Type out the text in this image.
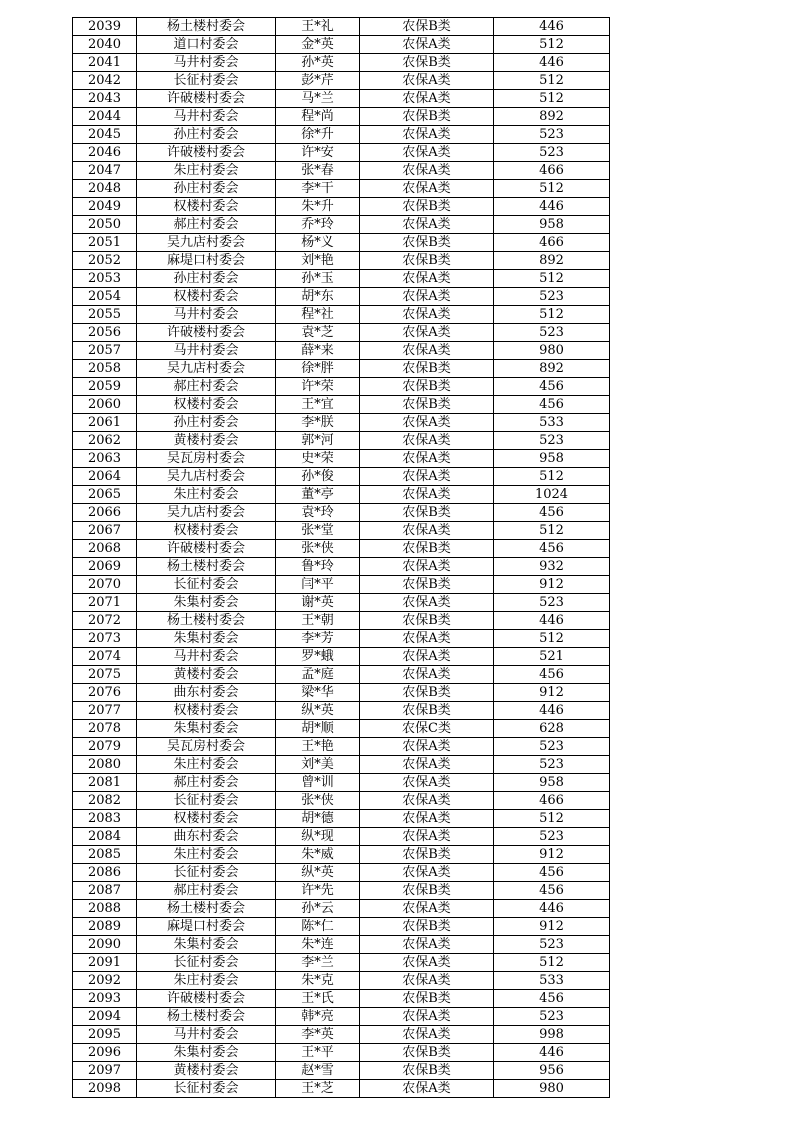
2039	杨土楼村委会	王*礼	农保B类	446
2040	道口村委会	金*英	农保A类	512
2041	马井村委会	孙*英	农保B类	446
2042	长征村委会	彭*芹	农保A类	512
2043	许破楼村委会	马*兰	农保A类	512
2044	马井村委会	程*尚	农保B类	892
2045	孙庄村委会	徐*升	农保A类	523
2046	许破楼村委会	许*安	农保A类	523
2047	朱庄村委会	张*春	农保A类	466
2048	孙庄村委会	李*干	农保A类	512
2049	权楼村委会	朱*升	农保B类	446
2050	郝庄村委会	乔*玲	农保A类	958
2051	吴九店村委会	杨*义	农保B类	466
2052	麻堤口村委会	刘*艳	农保B类	892
2053	孙庄村委会	孙*玉	农保A类	512
2054	权楼村委会	胡*东	农保A类	523
2055	马井村委会	程*社	农保A类	512
2056	许破楼村委会	袁*芝	农保A类	523
2057	马井村委会	薛*来	农保A类	980
2058	吴九店村委会	徐*胖	农保B类	892
2059	郝庄村委会	许*荣	农保B类	456
2060	权楼村委会	王*宜	农保B类	456
2061	孙庄村委会	李*朕	农保A类	533
2062	黄楼村委会	郭*河	农保A类	523
2063	吴瓦房村委会	史*荣	农保A类	958
2064	吴九店村委会	孙*俊	农保A类	512
2065	朱庄村委会	董*亭	农保A类	1024
2066	吴九店村委会	袁*玲	农保B类	456
2067	权楼村委会	张*堂	农保A类	512
2068	许破楼村委会	张*侠	农保B类	456
2069	杨土楼村委会	鲁*玲	农保A类	932
2070	长征村委会	闫*平	农保B类	912
2071	朱集村委会	谢*英	农保A类	523
2072	杨土楼村委会	王*朝	农保B类	446
2073	朱集村委会	李*芳	农保A类	512
2074	马井村委会	罗*蛾	农保A类	521
2075	黄楼村委会	孟*庭	农保A类	456
2076	曲东村委会	梁*华	农保B类	912
2077	权楼村委会	纵*英	农保B类	446
2078	朱集村委会	胡*顺	农保C类	628
2079	吴瓦房村委会	王*艳	农保A类	523
2080	朱庄村委会	刘*美	农保A类	523
2081	郝庄村委会	曾*训	农保A类	958
2082	长征村委会	张*侠	农保A类	466
2083	权楼村委会	胡*德	农保A类	512
2084	曲东村委会	纵*现	农保A类	523
2085	朱庄村委会	朱*威	农保B类	912
2086	长征村委会	纵*英	农保A类	456
2087	郝庄村委会	许*先	农保B类	456
2088	杨土楼村委会	孙*云	农保A类	446
2089	麻堤口村委会	陈*仁	农保B类	912
2090	朱集村委会	朱*连	农保A类	523
2091	长征村委会	李*兰	农保A类	512
2092	朱庄村委会	朱*克	农保A类	533
2093	许破楼村委会	王*氏	农保B类	456
2094	杨土楼村委会	韩*亮	农保A类	523
2095	马井村委会	李*英	农保A类	998
2096	朱集村委会	王*平	农保B类	446
2097	黄楼村委会	赵*雪	农保B类	956
2098	长征村委会	王*芝	农保A类	980
